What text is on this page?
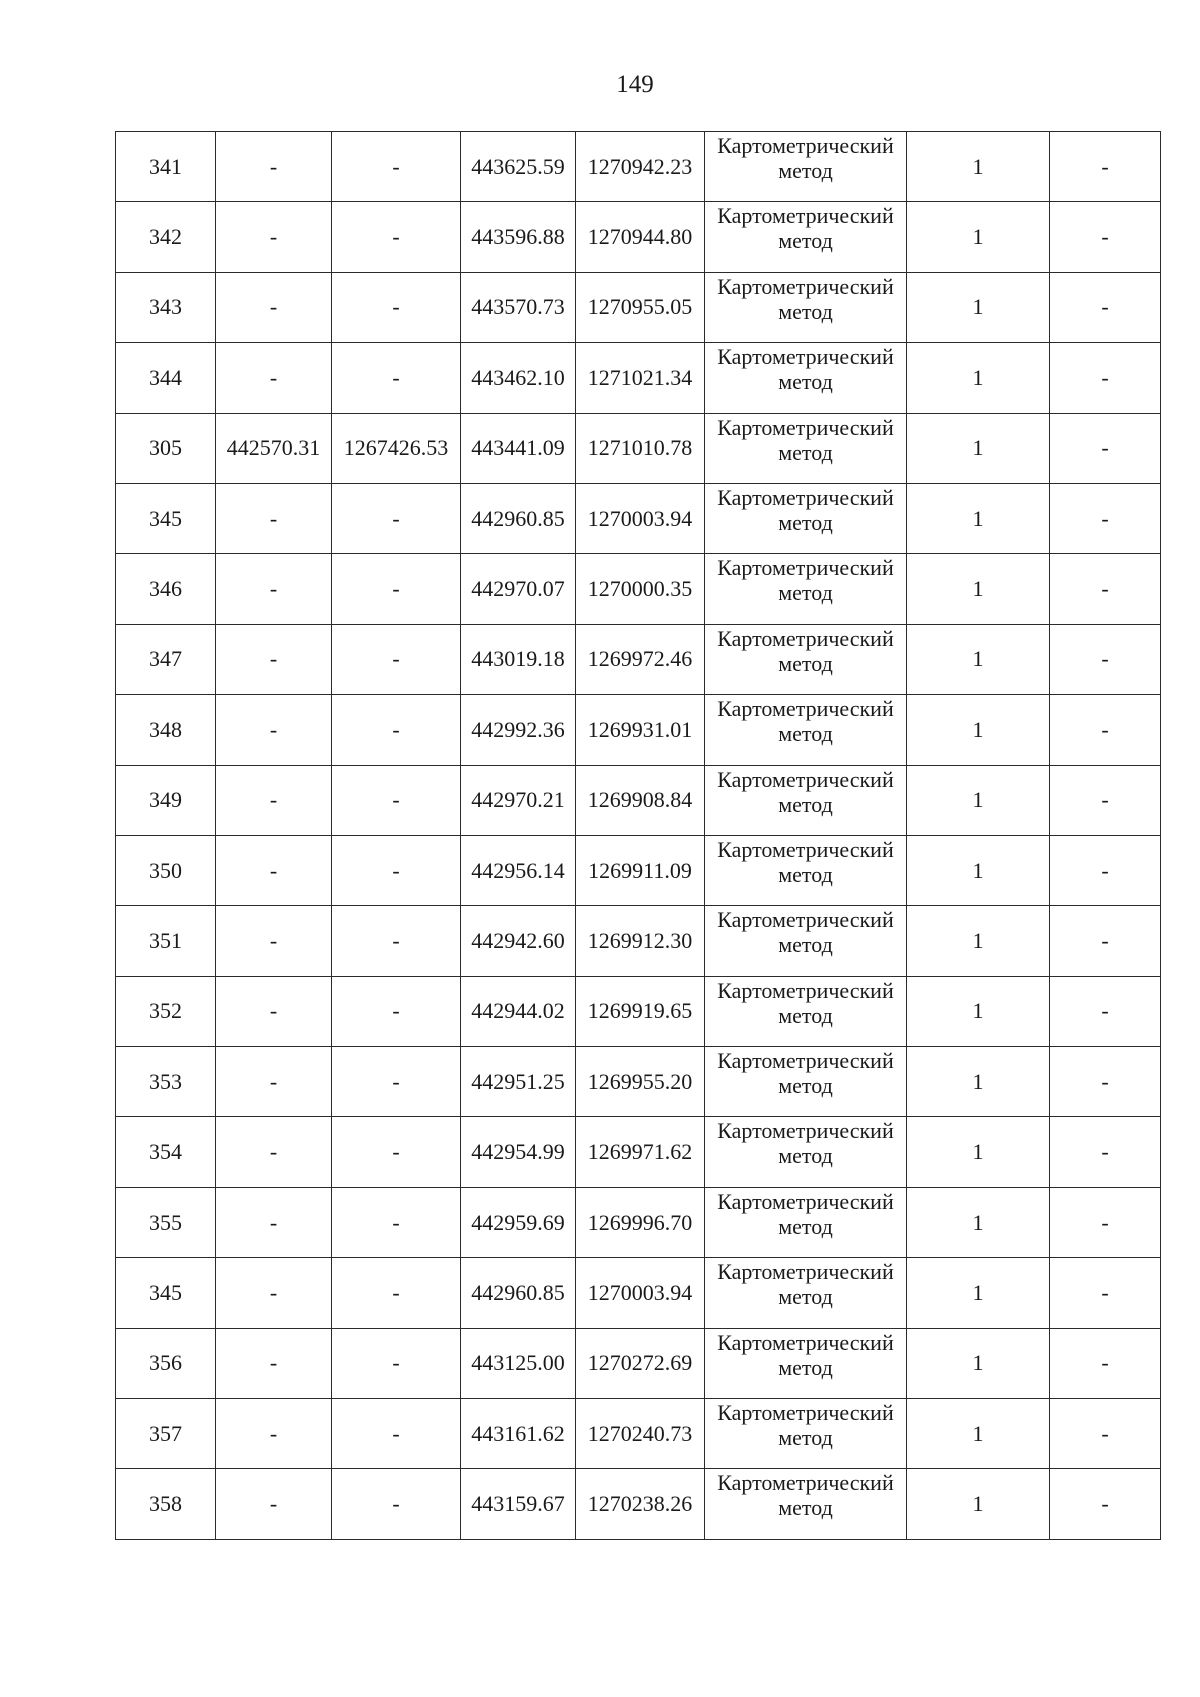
149
341	-	-	443625.59	1270942.23	Картометрический метод	1	-
342	-	-	443596.88	1270944.80	Картометрический метод	1	-
343	-	-	443570.73	1270955.05	Картометрический метод	1	-
344	-	-	443462.10	1271021.34	Картометрический метод	1	-
305	442570.31	1267426.53	443441.09	1271010.78	Картометрический метод	1	-
345	-	-	442960.85	1270003.94	Картометрический метод	1	-
346	-	-	442970.07	1270000.35	Картометрический метод	1	-
347	-	-	443019.18	1269972.46	Картометрический метод	1	-
348	-	-	442992.36	1269931.01	Картометрический метод	1	-
349	-	-	442970.21	1269908.84	Картометрический метод	1	-
350	-	-	442956.14	1269911.09	Картометрический метод	1	-
351	-	-	442942.60	1269912.30	Картометрический метод	1	-
352	-	-	442944.02	1269919.65	Картометрический метод	1	-
353	-	-	442951.25	1269955.20	Картометрический метод	1	-
354	-	-	442954.99	1269971.62	Картометрический метод	1	-
355	-	-	442959.69	1269996.70	Картометрический метод	1	-
345	-	-	442960.85	1270003.94	Картометрический метод	1	-
356	-	-	443125.00	1270272.69	Картометрический метод	1	-
357	-	-	443161.62	1270240.73	Картометрический метод	1	-
358	-	-	443159.67	1270238.26	Картометрический метод	1	-
